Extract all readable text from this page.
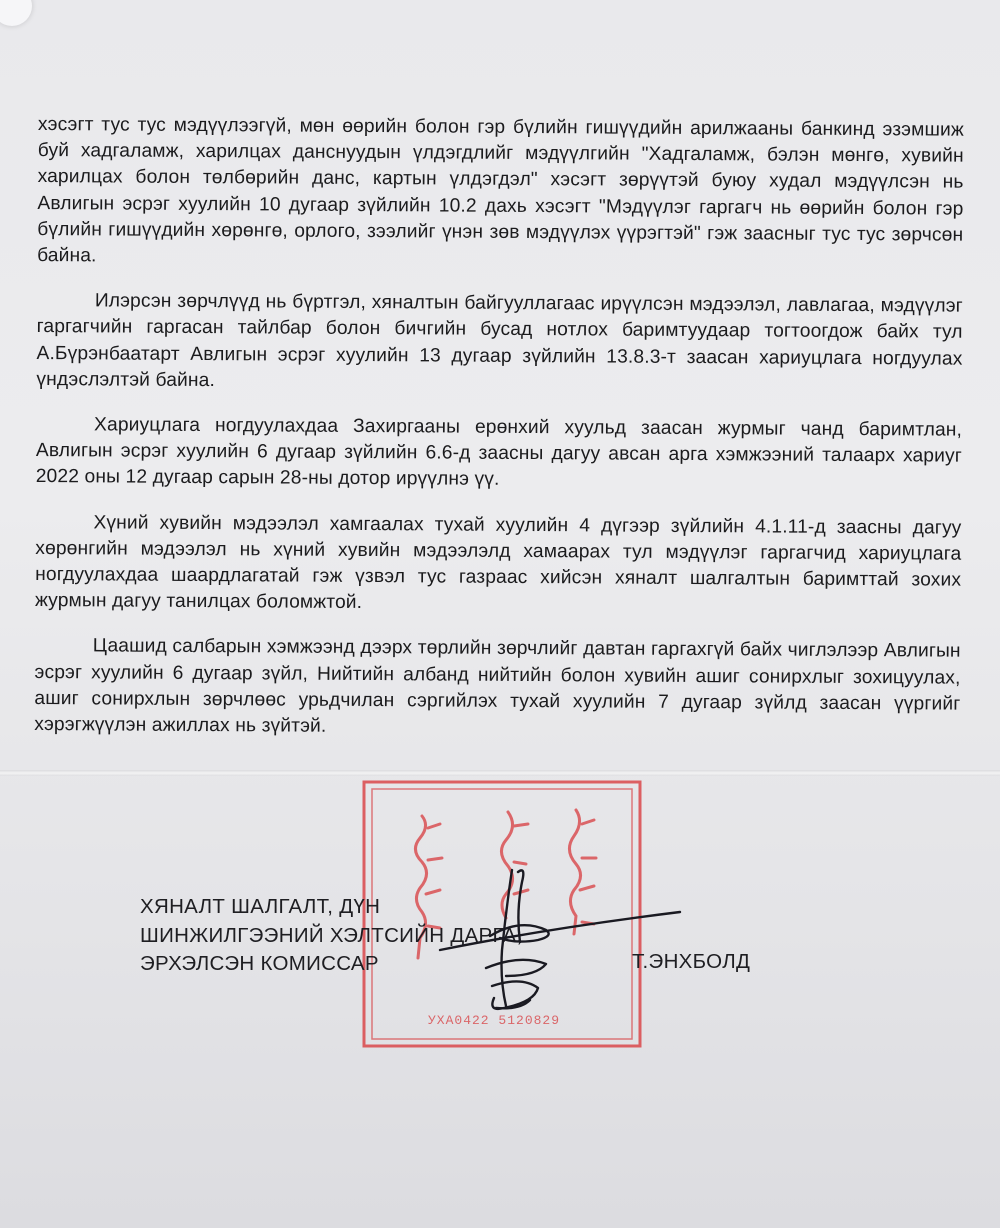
хэсэгт тус тус мэдүүлээгүй, мөн өөрийн болон гэр бүлийн гишүүдийн арилжааны банкинд эзэмшиж буй хадгаламж, харилцах данснуудын үлдэгдлийг мэдүүлгийн "Хадгаламж, бэлэн мөнгө, хувийн харилцах болон төлбөрийн данс, картын үлдэгдэл" хэсэгт зөрүүтэй буюу худал мэдүүлсэн нь Авлигын эсрэг хуулийн 10 дугаар зүйлийн 10.2 дахь хэсэгт "Мэдүүлэг гаргагч нь өөрийн болон гэр бүлийн гишүүдийн хөрөнгө, орлого, зээлийг үнэн зөв мэдүүлэх үүрэгтэй" гэж заасныг тус тус зөрчсөн байна.

Илэрсэн зөрчлүүд нь бүртгэл, хяналтын байгууллагаас ирүүлсэн мэдээлэл, лавлагаа, мэдүүлэг гаргагчийн гаргасан тайлбар болон бичгийн бусад нотлох баримтуудаар тогтоогдож байх тул А.Бүрэнбаатарт Авлигын эсрэг хуулийн 13 дугаар зүйлийн 13.8.3-т заасан хариуцлага ногдуулах үндэслэлтэй байна.

Хариуцлага ногдуулахдаа Захиргааны ерөнхий хуульд заасан журмыг чанд баримтлан, Авлигын эсрэг хуулийн 6 дугаар зүйлийн 6.6-д заасны дагуу авсан арга хэмжээний талаарх хариуг 2022 оны 12 дугаар сарын 28-ны дотор ирүүлнэ үү.

Хүний хувийн мэдээлэл хамгаалах тухай хуулийн 4 дүгээр зүйлийн 4.1.11-д заасны дагуу хөрөнгийн мэдээлэл нь хүний хувийн мэдээлэлд хамаарах тул мэдүүлэг гаргагчид хариуцлага ногдуулахдаа шаардлагатай гэж үзвэл тус газраас хийсэн хяналт шалгалтын баримттай зохих журмын дагуу танилцах боломжтой.

Цаашид салбарын хэмжээнд дээрх төрлийн зөрчлийг давтан гаргахгүй байх чиглэлээр Авлигын эсрэг хуулийн 6 дугаар зүйл, Нийтийн албанд нийтийн болон хувийн ашиг сонирхлыг зохицуулах, ашиг сонирхлын зөрчлөөс урьдчилан сэргийлэх тухай хуулийн 7 дугаар зүйлд заасан үүргийг хэрэгжүүлэн ажиллах нь зүйтэй.

УХА0422 5120829
ХЯНАЛТ ШАЛГАЛТ, ДҮН
ШИНЖИЛГЭЭНИЙ ХЭЛТСИЙН ДАРГА,
ЭРХЭЛСЭН КОМИССАР	Т.ЭНХБОЛД
